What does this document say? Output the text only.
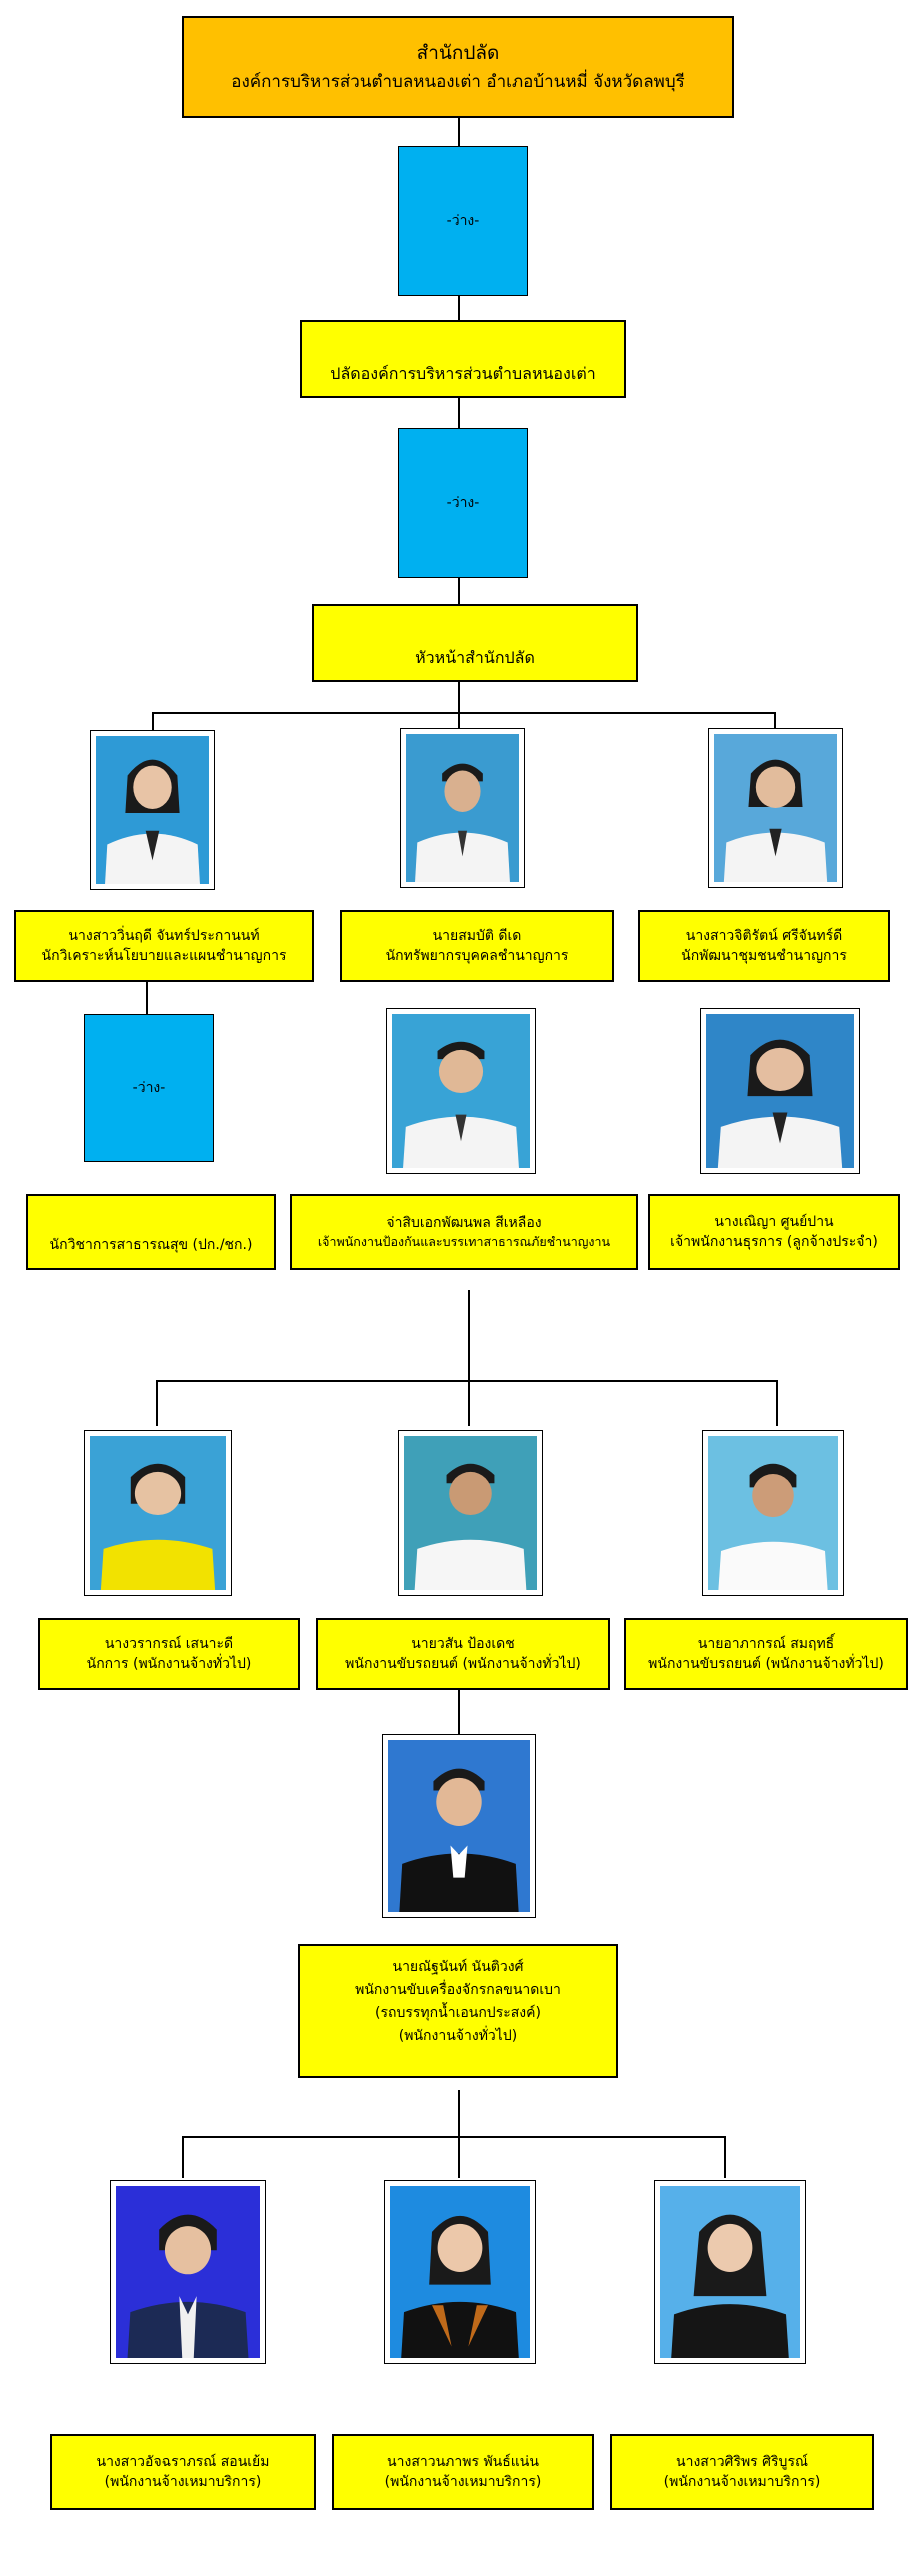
สำนักปลัด
องค์การบริหารส่วนตำบลหนองเต่า อำเภอบ้านหมี่ จังหวัดลพบุรี
-ว่าง-
ปลัดองค์การบริหารส่วนตำบลหนองเต่า
-ว่าง-
หัวหน้าสำนักปลัด
นางสาววิ่นฤดี จันทร์ประกานนท์
นักวิเคราะห์นโยบายและแผนชำนาญการ
นายสมบัติ ดีเด
นักทรัพยากรบุคคลชำนาญการ
นางสาวจิติรัตน์ ศรีจันทร์ดี
นักพัฒนาชุมชนชำนาญการ
-ว่าง-
นักวิชาการสาธารณสุข (ปก./ชก.)
จ่าสิบเอกพัฒนพล สีเหลือง
เจ้าพนักงานป้องกันและบรรเทาสาธารณภัยชำนาญงาน
นางเณิญา ศูนย์ปาน
เจ้าพนักงานธุรการ (ลูกจ้างประจำ)
นางวรากรณ์ เสนาะดี
นักการ (พนักงานจ้างทั่วไป)
นายวสัน ป้องเดช
พนักงานขับรถยนต์ (พนักงานจ้างทั่วไป)
นายอาภากรณ์ สมฤทธิ์
พนักงานขับรถยนต์ (พนักงานจ้างทั่วไป)
นายณัฐนันท์ นันติวงศ์
พนักงานขับเครื่องจักรกลขนาดเบา
(รถบรรทุกน้ำเอนกประสงค์)
(พนักงานจ้างทั่วไป)
นางสาวอัจฉราภรณ์ สอนเย้ม
(พนักงานจ้างเหมาบริการ)
นางสาวนภาพร พันธ์แน่น
(พนักงานจ้างเหมาบริการ)
นางสาวศิริพร ศิริบูรณ์
(พนักงานจ้างเหมาบริการ)
